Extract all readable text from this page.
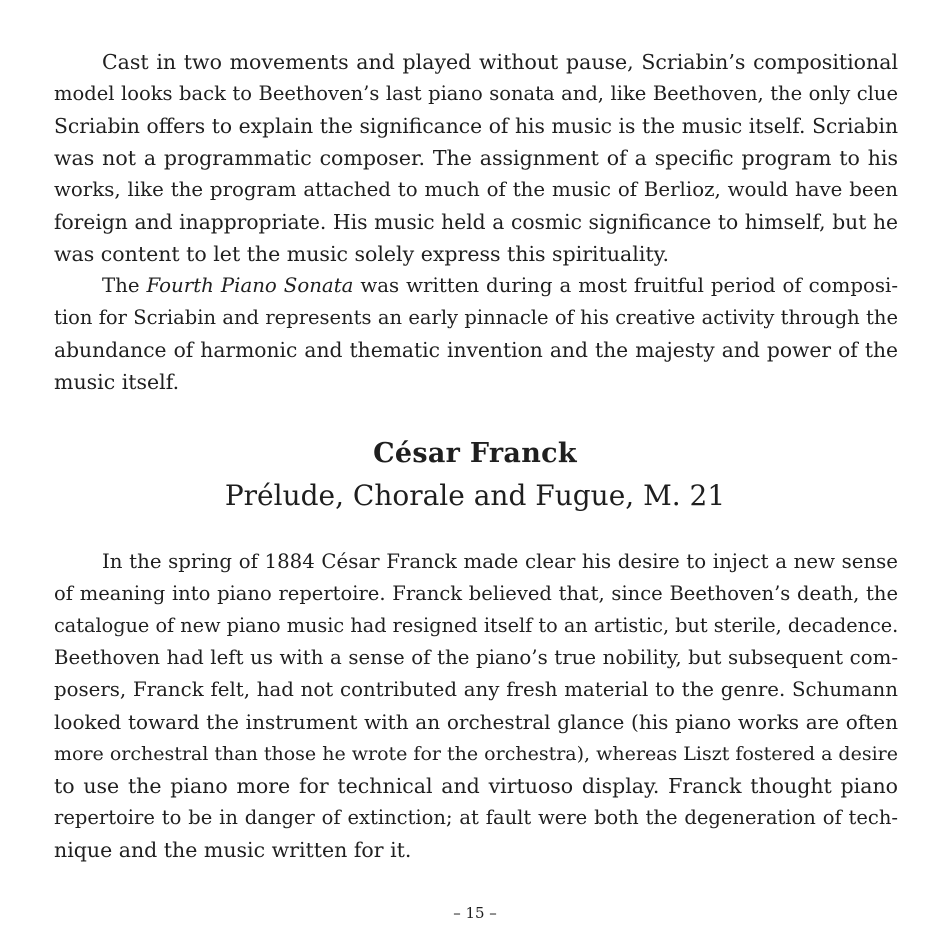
Cast in two movements and played without pause, Scriabin’s compositional
model looks back to Beethoven’s last piano sonata and, like Beethoven, the only clue
Scriabin offers to explain the significance of his music is the music itself. Scriabin
was not a programmatic composer. The assignment of a specific program to his
works, like the program attached to much of the music of Berlioz, would have been
foreign and inappropriate. His music held a cosmic significance to himself, but he
was content to let the music solely express this spirituality.
The Fourth Piano Sonata was written during a most fruitful period of composi-
tion for Scriabin and represents an early pinnacle of his creative activity through the
abundance of harmonic and thematic invention and the majesty and power of the
music itself.
César Franck
Prélude, Chorale and Fugue, M. 21
In the spring of 1884 César Franck made clear his desire to inject a new sense
of meaning into piano repertoire. Franck believed that, since Beethoven’s death, the
catalogue of new piano music had resigned itself to an artistic, but sterile, decadence.
Beethoven had left us with a sense of the piano’s true nobility, but subsequent com-
posers, Franck felt, had not contributed any fresh material to the genre. Schumann
looked toward the instrument with an orchestral glance (his piano works are often
more orchestral than those he wrote for the orchestra), whereas Liszt fostered a desire
to use the piano more for technical and virtuoso display. Franck thought piano
repertoire to be in danger of extinction; at fault were both the degeneration of tech-
nique and the music written for it.
– 15 –
